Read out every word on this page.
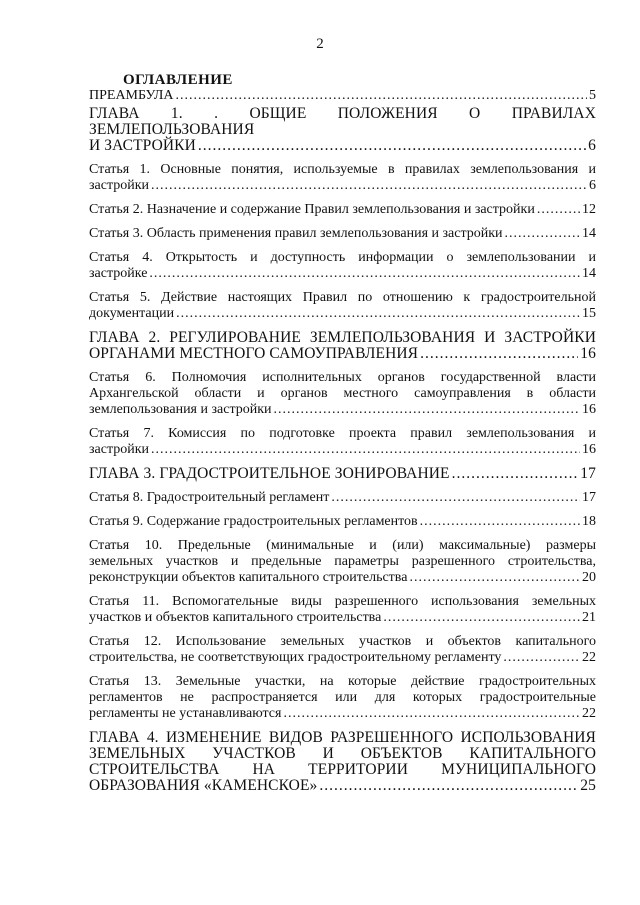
2
ОГЛАВЛЕНИЕ
ПРЕАМБУЛА .....	5
ГЛАВА 1. . ОБЩИЕ ПОЛОЖЕНИЯ О ПРАВИЛАХ ЗЕМЛЕПОЛЬЗОВАНИЯ
И ЗАСТРОЙКИ .....	6
Статья 1. Основные понятия, используемые в правилах землепользования и
застройки .....	6
Статья 2. Назначение и содержание Правил землепользования и застройки .....	12
Статья 3. Область применения правил землепользования и застройки .....	14
Статья 4. Открытость и доступность информации о землепользовании и
застройке .....	14
Статья 5. Действие настоящих Правил по отношению к градостроительной
документации .....	15
ГЛАВА 2. РЕГУЛИРОВАНИЕ ЗЕМЛЕПОЛЬЗОВАНИЯ И ЗАСТРОЙКИ
ОРГАНАМИ МЕСТНОГО САМОУПРАВЛЕНИЯ .....	16
Статья 6. Полномочия исполнительных органов государственной власти
Архангельской области и органов местного самоуправления в области
землепользования и застройки .....	16
Статья 7. Комиссия по подготовке проекта правил землепользования и
застройки .....	16
ГЛАВА 3. ГРАДОСТРОИТЕЛЬНОЕ ЗОНИРОВАНИЕ .....	17
Статья 8. Градостроительный регламент .....	17
Статья 9. Содержание градостроительных регламентов .....	18
Статья 10. Предельные (минимальные и (или) максимальные) размеры
земельных участков и предельные параметры разрешенного строительства,
реконструкции объектов капитального строительства .....	20
Статья 11. Вспомогательные виды разрешенного использования земельных
участков и объектов капитального строительства .....	21
Статья 12. Использование земельных участков и объектов капитального
строительства, не соответствующих градостроительному регламенту .....	22
Статья 13. Земельные участки, на которые действие градостроительных
регламентов не распространяется или для которых градостроительные
регламенты не устанавливаются .....	22
ГЛАВА 4. ИЗМЕНЕНИЕ ВИДОВ РАЗРЕШЕННОГО ИСПОЛЬЗОВАНИЯ
ЗЕМЕЛЬНЫХ УЧАСТКОВ И ОБЪЕКТОВ КАПИТАЛЬНОГО
СТРОИТЕЛЬСТВА НА ТЕРРИТОРИИ МУНИЦИПАЛЬНОГО
ОБРАЗОВАНИЯ «КАМЕНСКОЕ» .....	25
